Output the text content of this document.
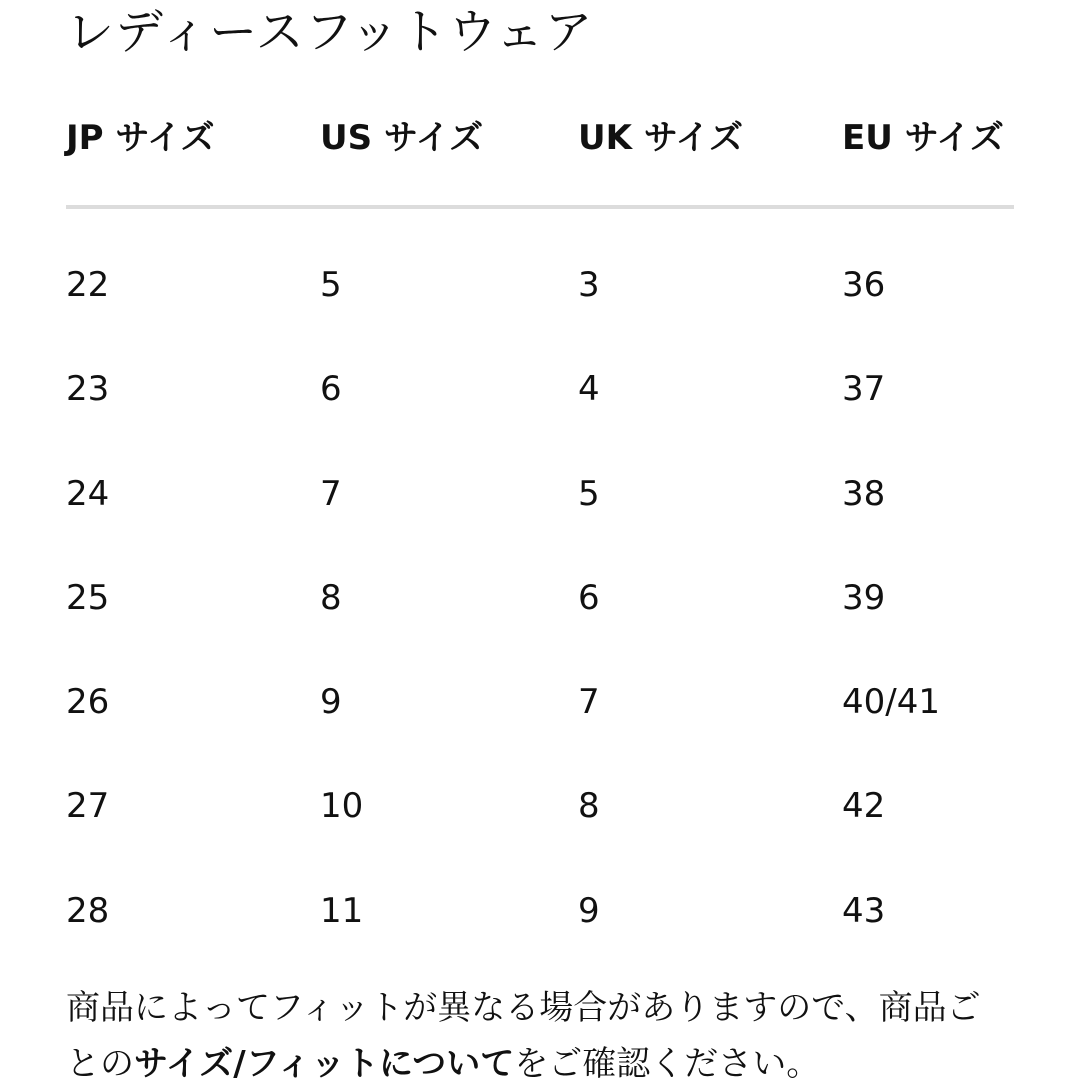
レディースフットウェア
JP サイズ	US サイズ	UK サイズ	EU サイズ
22	5	3	36
23	6	4	37
24	7	5	38
25	8	6	39
26	9	7	40/41
27	10	8	42
28	11	9	43

商品によってフィットが異なる場合がありますので、商品ごとのサイズ/フィットについてをご確認ください。
